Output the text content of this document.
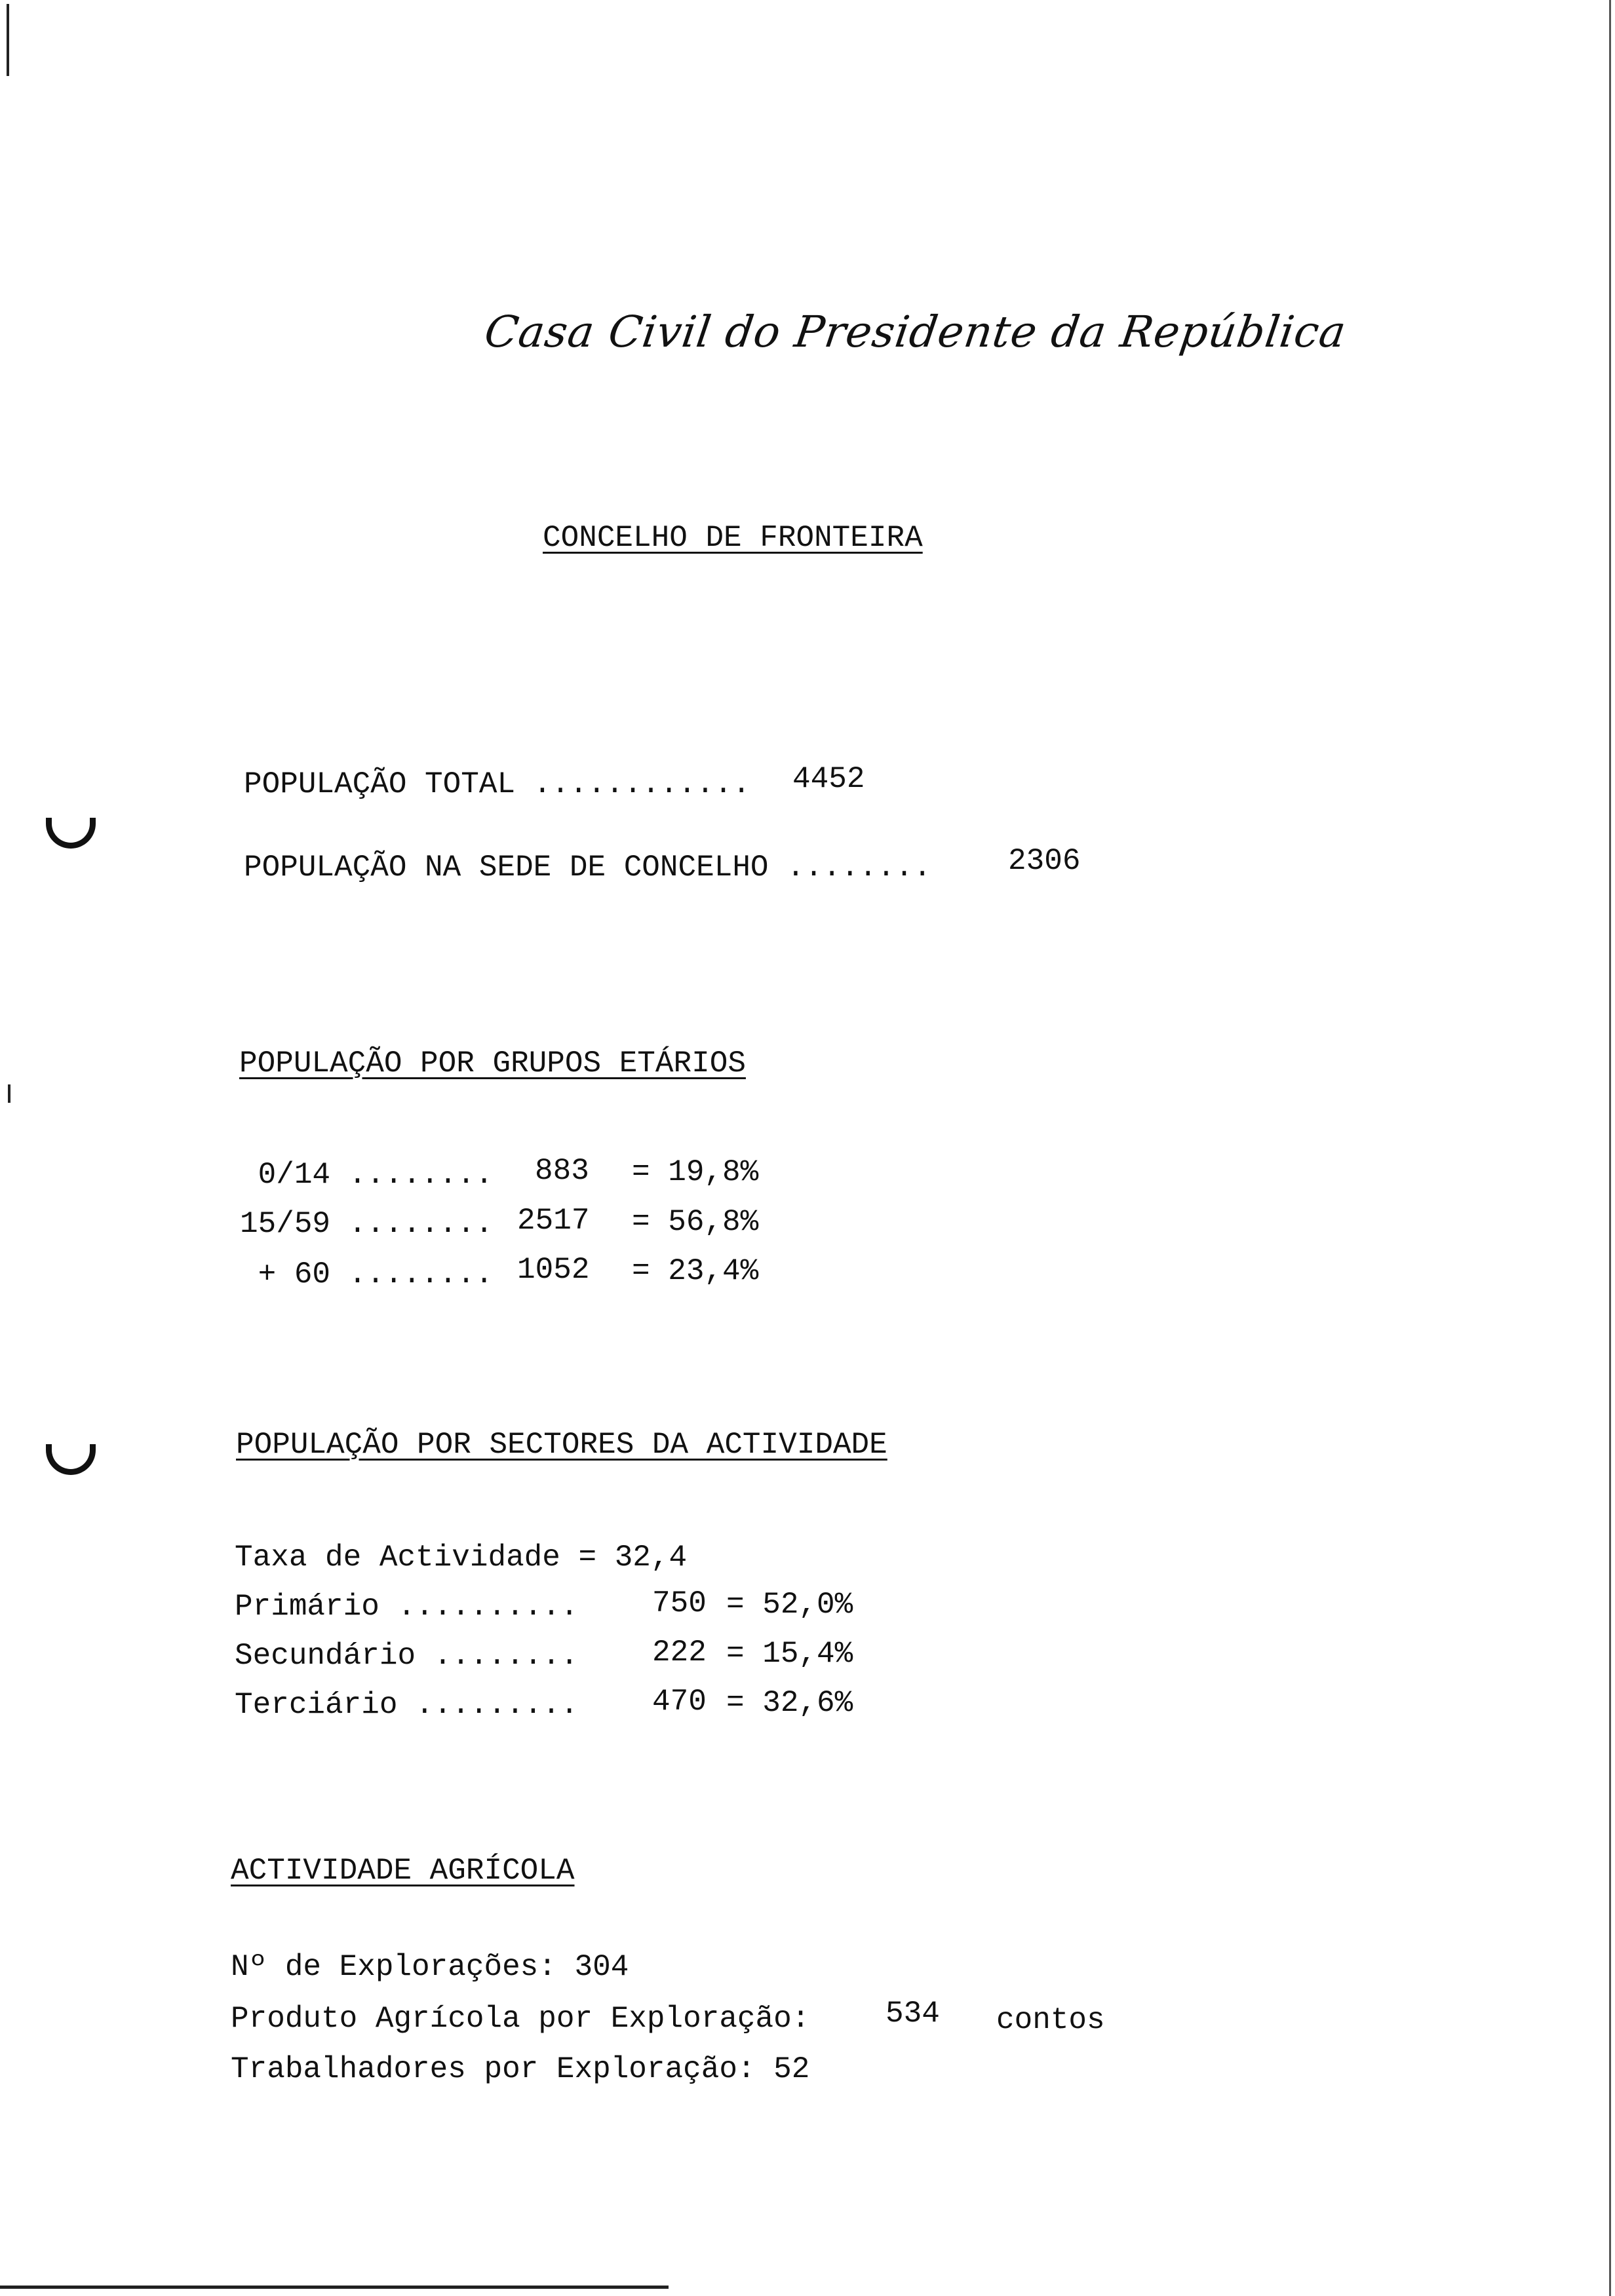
Casa Civil do Presidente da República
CONCELHO DE FRONTEIRA
POPULAÇÃO TOTAL ............ 4452
POPULAÇÃO NA SEDE DE CONCELHO ........	2306
POPULAÇÃO POR GRUPOS ETÁRIOS
0/14 ........ 883 = 19,8%
15/59 ........ 2517 = 56,8%
+ 60 ........ 1052 = 23,4%
POPULAÇÃO POR SECTORES DA ACTIVIDADE
Taxa de Actividade = 32,4
Primário .......... 750 = 52,0%
Secundário ........ 222 = 15,4%
Terciário ......... 470 = 32,6%
ACTIVIDADE AGRÍCOLA
Nº de Explorações: 304
Produto Agrícola por Exploração:	534 contos
Trabalhadores por Exploração: 52
